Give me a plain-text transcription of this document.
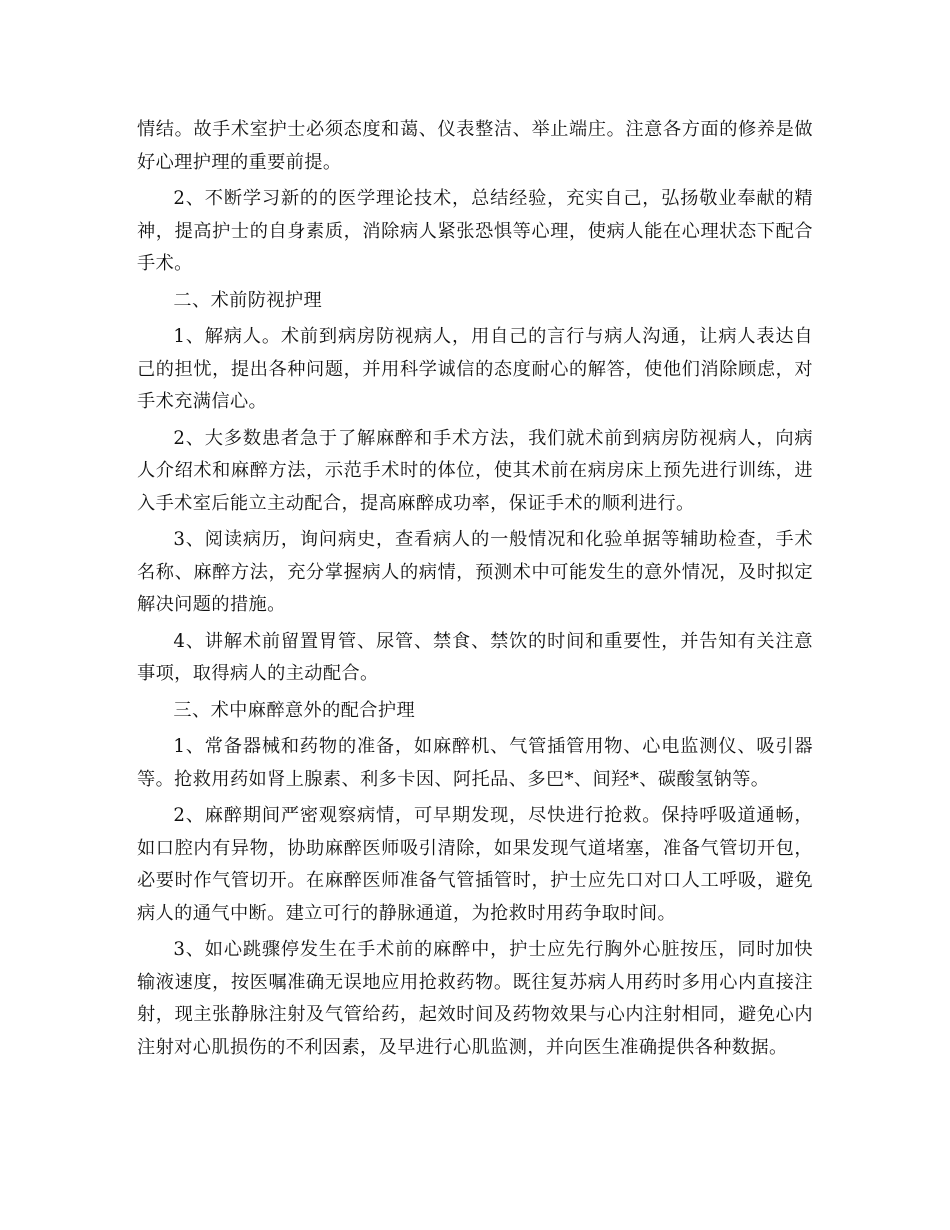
情结。故手术室护士必须态度和蔼、仪表整洁、举止端庄。注意各方面的修养是做好心理护理的重要前提。

2、不断学习新的的医学理论技术，总结经验，充实自己，弘扬敬业奉献的精神，提高护士的自身素质，消除病人紧张恐惧等心理，使病人能在心理状态下配合手术。

二、术前防视护理

1、解病人。术前到病房防视病人，用自己的言行与病人沟通，让病人表达自己的担忧，提出各种问题，并用科学诚信的态度耐心的解答，使他们消除顾虑，对手术充满信心。

2、大多数患者急于了解麻醉和手术方法，我们就术前到病房防视病人，向病人介绍术和麻醉方法，示范手术时的体位，使其术前在病房床上预先进行训练，进入手术室后能立主动配合，提高麻醉成功率，保证手术的顺利进行。

3、阅读病历，询问病史，查看病人的一般情况和化验单据等辅助检查，手术名称、麻醉方法，充分掌握病人的病情，预测术中可能发生的意外情况，及时拟定解决问题的措施。

4、讲解术前留置胃管、尿管、禁食、禁饮的时间和重要性，并告知有关注意事项，取得病人的主动配合。

三、术中麻醉意外的配合护理

1、常备器械和药物的准备，如麻醉机、气管插管用物、心电监测仪、吸引器等。抢救用药如肾上腺素、利多卡因、阿托品、多巴*、间羟*、碳酸氢钠等。

2、麻醉期间严密观察病情，可早期发现，尽快进行抢救。保持呼吸道通畅，如口腔内有异物，协助麻醉医师吸引清除，如果发现气道堵塞，准备气管切开包，必要时作气管切开。在麻醉医师准备气管插管时，护士应先口对口人工呼吸，避免病人的通气中断。建立可行的静脉通道，为抢救时用药争取时间。

3、如心跳骤停发生在手术前的麻醉中，护士应先行胸外心脏按压，同时加快输液速度，按医嘱准确无误地应用抢救药物。既往复苏病人用药时多用心内直接注射，现主张静脉注射及气管给药，起效时间及药物效果与心内注射相同，避免心内注射对心肌损伤的不利因素，及早进行心肌监测，并向医生准确提供各种数据。
